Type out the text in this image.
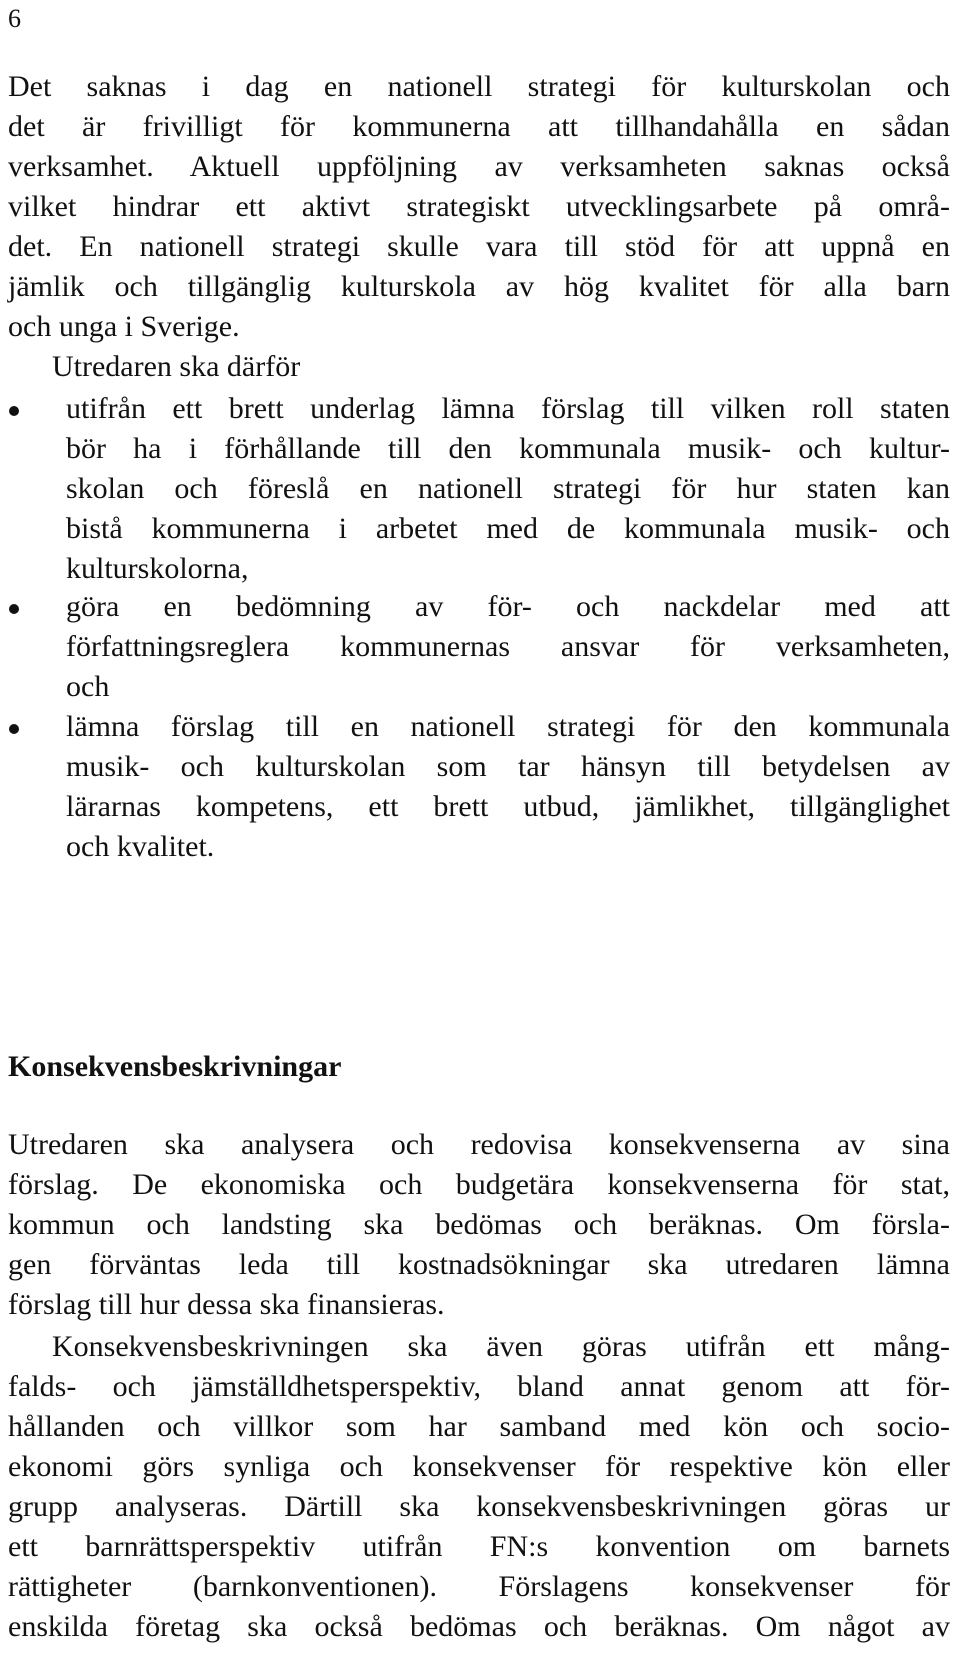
6
Det saknas i dag en nationell strategi för kulturskolan och
det är frivilligt för kommunerna att tillhandahålla en sådan
verksamhet. Aktuell uppföljning av verksamheten saknas också
vilket hindrar ett aktivt strategiskt utvecklingsarbete på områ-
det. En nationell strategi skulle vara till stöd för att uppnå en
jämlik och tillgänglig kulturskola av hög kvalitet för alla barn
och unga i Sverige.
Utredaren ska därför
utifrån ett brett underlag lämna förslag till vilken roll staten
bör ha i förhållande till den kommunala musik- och kultur-
skolan och föreslå en nationell strategi för hur staten kan
bistå kommunerna i arbetet med de kommunala musik- och
kulturskolorna,
göra en bedömning av för- och nackdelar med att
författningsreglera kommunernas ansvar för verksamheten,
och
lämna förslag till en nationell strategi för den kommunala
musik- och kulturskolan som tar hänsyn till betydelsen av
lärarnas kompetens, ett brett utbud, jämlikhet, tillgänglighet
och kvalitet.
Konsekvensbeskrivningar
Utredaren ska analysera och redovisa konsekvenserna av sina
förslag. De ekonomiska och budgetära konsekvenserna för stat,
kommun och landsting ska bedömas och beräknas. Om försla-
gen förväntas leda till kostnadsökningar ska utredaren lämna
förslag till hur dessa ska finansieras.
Konsekvensbeskrivningen ska även göras utifrån ett mång-
falds- och jämställdhetsperspektiv, bland annat genom att för-
hållanden och villkor som har samband med kön och socio-
ekonomi görs synliga och konsekvenser för respektive kön eller
grupp analyseras. Därtill ska konsekvensbeskrivningen göras ur
ett barnrättsperspektiv utifrån FN:s konvention om barnets
rättigheter (barnkonventionen). Förslagens konsekvenser för
enskilda företag ska också bedömas och beräknas. Om något av
